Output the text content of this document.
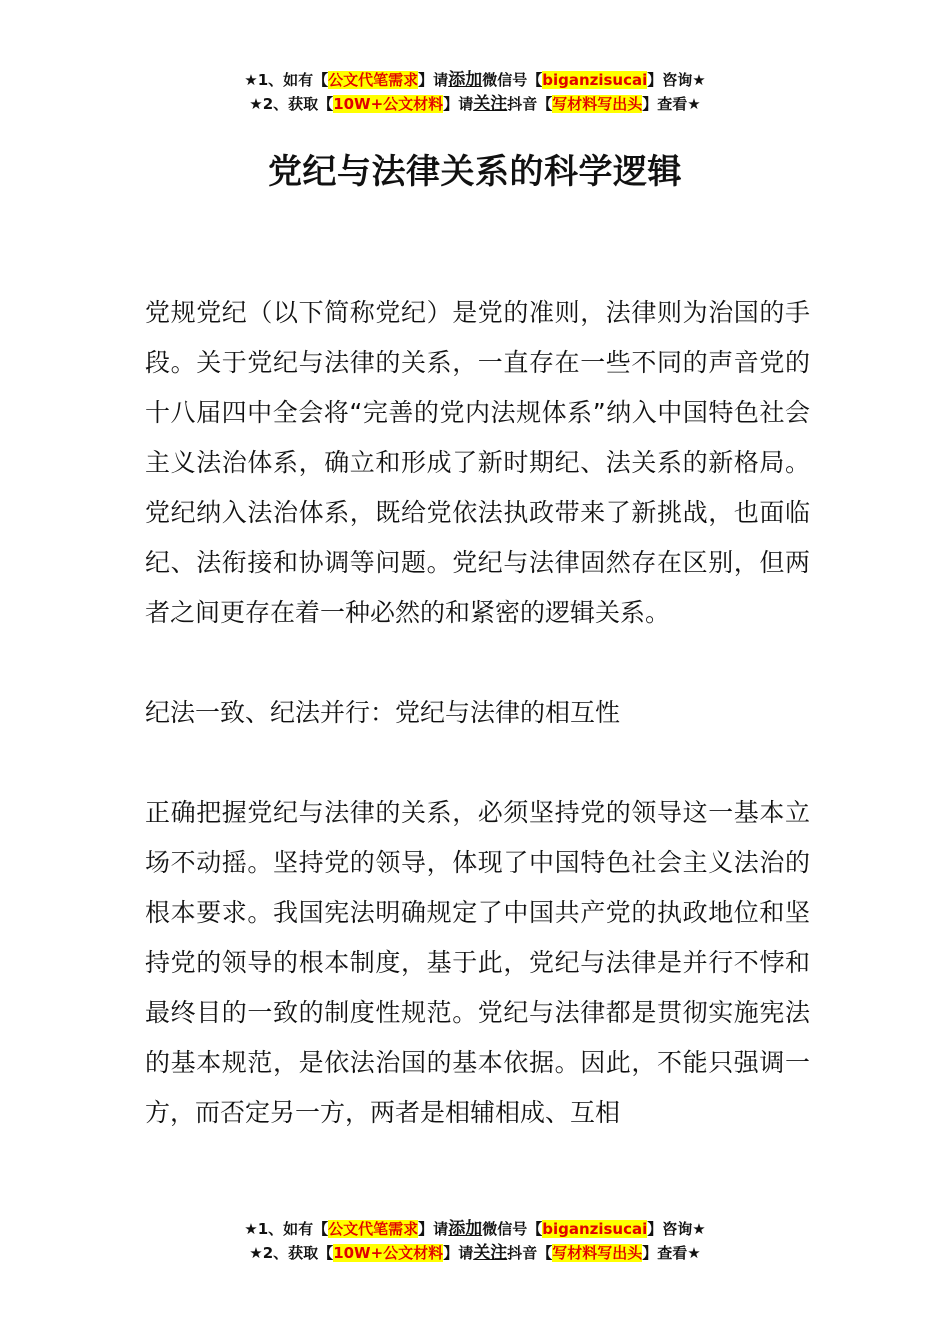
★1、如有【公文代笔需求】请添加微信号【biganzisucai】咨询★
★2、获取【10W+公文材料】请关注抖音【写材料写出头】查看★
党纪与法律关系的科学逻辑

党规党纪（以下简称党纪）是党的准则，法律则为治国的手段。关于党纪与法律的关系，一直存在一些不同的声音党的十八届四中全会将“完善的党内法规体系”纳入中国特色社会主义法治体系，确立和形成了新时期纪、法关系的新格局。党纪纳入法治体系，既给党依法执政带来了新挑战，也面临纪、法衔接和协调等问题。党纪与法律固然存在区别，但两者之间更存在着一种必然的和紧密的逻辑关系。

纪法一致、纪法并行：党纪与法律的相互性

正确把握党纪与法律的关系，必须坚持党的领导这一基本立场不动摇。坚持党的领导，体现了中国特色社会主义法治的根本要求。我国宪法明确规定了中国共产党的执政地位和坚持党的领导的根本制度，基于此，党纪与法律是并行不悖和最终目的一致的制度性规范。党纪与法律都是贯彻实施宪法的基本规范，是依法治国的基本依据。因此，不能只强调一方，而否定另一方，两者是相辅相成、互相

★1、如有【公文代笔需求】请添加微信号【biganzisucai】咨询★
★2、获取【10W+公文材料】请关注抖音【写材料写出头】查看★
